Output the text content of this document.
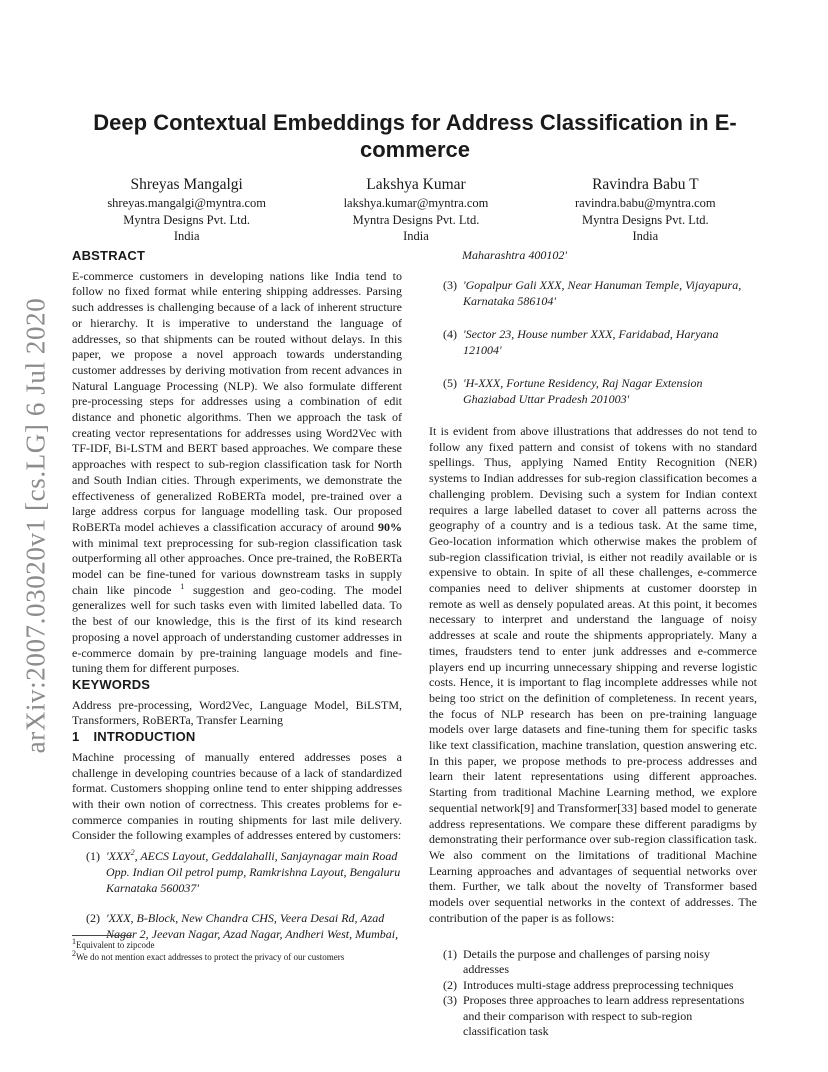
arXiv:2007.03020v1 [cs.LG] 6 Jul 2020
Deep Contextual Embeddings for Address Classification in E-commerce
Shreyas Mangalgi
shreyas.mangalgi@myntra.com
Myntra Designs Pvt. Ltd.
India
Lakshya Kumar
lakshya.kumar@myntra.com
Myntra Designs Pvt. Ltd.
India
Ravindra Babu T
ravindra.babu@myntra.com
Myntra Designs Pvt. Ltd.
India
ABSTRACT

E-commerce customers in developing nations like India tend to follow no fixed format while entering shipping addresses. Parsing such addresses is challenging because of a lack of inherent structure or hierarchy. It is imperative to understand the language of addresses, so that shipments can be routed without delays. In this paper, we propose a novel approach towards understanding customer addresses by deriving motivation from recent advances in Natural Language Processing (NLP). We also formulate different pre-processing steps for addresses using a combination of edit distance and phonetic algorithms. Then we approach the task of creating vector representations for addresses using Word2Vec with TF-IDF, Bi-LSTM and BERT based approaches. We compare these approaches with respect to sub-region classification task for North and South Indian cities. Through experiments, we demonstrate the effectiveness of generalized RoBERTa model, pre-trained over a large address corpus for language modelling task. Our proposed RoBERTa model achieves a classification accuracy of around 90% with minimal text preprocessing for sub-region classification task outperforming all other approaches. Once pre-trained, the RoBERTa model can be fine-tuned for various downstream tasks in supply chain like pincode $^1$ suggestion and geo-coding. The model generalizes well for such tasks even with limited labelled data. To the best of our knowledge, this is the first of its kind research proposing a novel approach of understanding customer addresses in e-commerce domain by pre-training language models and fine-tuning them for different purposes.

KEYWORDS

Address pre-processing, Word2Vec, Language Model, BiLSTM, Transformers, RoBERTa, Transfer Learning

1 INTRODUCTION

Machine processing of manually entered addresses poses a challenge in developing countries because of a lack of standardized format. Customers shopping online tend to enter shipping addresses with their own notion of correctness. This creates problems for e-commerce companies in routing shipments for last mile delivery. Consider the following examples of addresses entered by customers:

(1) 'XXX$^2$, AECS Layout, Geddalahalli, Sanjaynagar main Road Opp. Indian Oil petrol pump, Ramkrishna Layout, Bengaluru Karnataka 560037'
(2) 'XXX, B-Block, New Chandra CHS, Veera Desai Rd, Azad Nagar 2, Jeevan Nagar, Azad Nagar, Andheri West, Mumbai,

Maharashtra 400102'

(3) 'Gopalpur Gali XXX, Near Hanuman Temple, Vijayapura, Karnataka 586104'
(4) 'Sector 23, House number XXX, Faridabad, Haryana 121004'
(5) 'H-XXX, Fortune Residency, Raj Nagar Extension Ghaziabad Uttar Pradesh 201003'

It is evident from above illustrations that addresses do not tend to follow any fixed pattern and consist of tokens with no standard spellings. Thus, applying Named Entity Recognition (NER) systems to Indian addresses for sub-region classification becomes a challenging problem. Devising such a system for Indian context requires a large labelled dataset to cover all patterns across the geography of a country and is a tedious task. At the same time, Geo-location information which otherwise makes the problem of sub-region classification trivial, is either not readily available or is expensive to obtain. In spite of all these challenges, e-commerce companies need to deliver shipments at customer doorstep in remote as well as densely populated areas. At this point, it becomes necessary to interpret and understand the language of noisy addresses at scale and route the shipments appropriately. Many a times, fraudsters tend to enter junk addresses and e-commerce players end up incurring unnecessary shipping and reverse logistic costs. Hence, it is important to flag incomplete addresses while not being too strict on the definition of completeness. In recent years, the focus of NLP research has been on pre-training language models over large datasets and fine-tuning them for specific tasks like text classification, machine translation, question answering etc. In this paper, we propose methods to pre-process addresses and learn their latent representations using different approaches. Starting from traditional Machine Learning method, we explore sequential network[9] and Transformer[33] based model to generate address representations. We compare these different paradigms by demonstrating their performance over sub-region classification task. We also comment on the limitations of traditional Machine Learning approaches and advantages of sequential networks over them. Further, we talk about the novelty of Transformer based models over sequential networks in the context of addresses. The contribution of the paper is as follows:

(1) Details the purpose and challenges of parsing noisy addresses
(2) Introduces multi-stage address preprocessing techniques
(3) Proposes three approaches to learn address representations and their comparison with respect to sub-region classification task
$^1$Equivalent to zipcode
$^2$We do not mention exact addresses to protect the privacy of our customers
